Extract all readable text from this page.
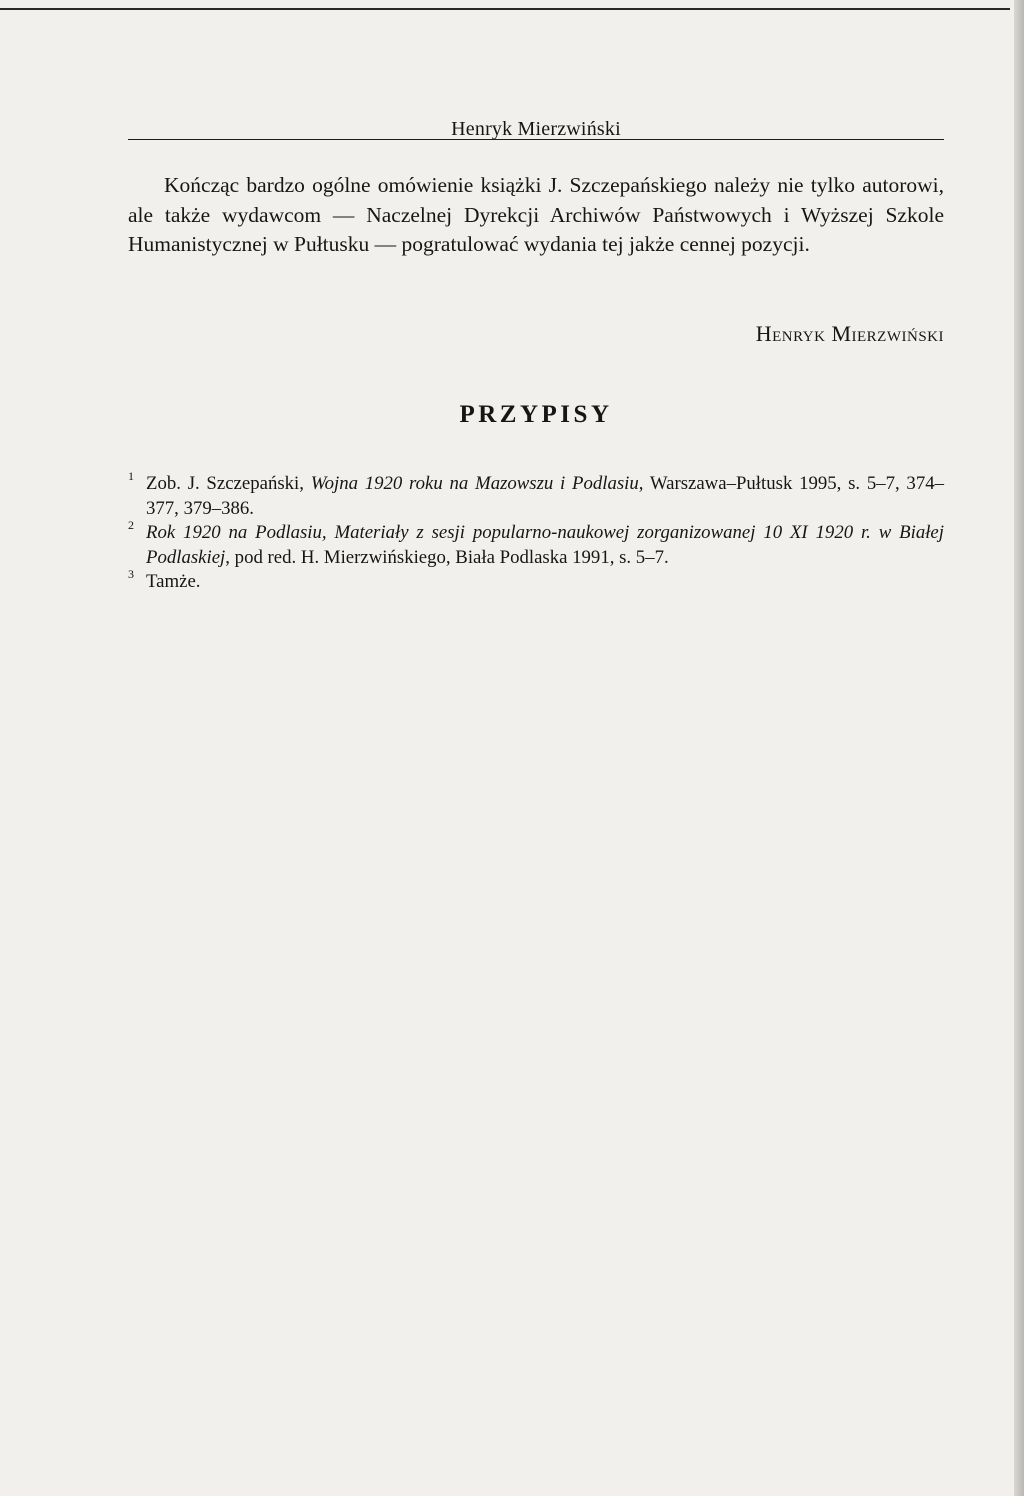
Henryk Mierzwiński

Kończąc bardzo ogólne omówienie książki J. Szczepańskiego należy nie tylko autorowi, ale także wydawcom — Naczelnej Dyrekcji Archiwów Państwowych i Wyższej Szkole Humanistycznej w Pułtusku — pogratulować wydania tej jakże cennej pozycji.

Henryk Mierzwiński
PRZYPISY
1 Zob. J. Szczepański, Wojna 1920 roku na Mazowszu i Podlasiu, Warszawa–Pułtusk 1995, s. 5–7, 374–377, 379–386.
2 Rok 1920 na Podlasiu, Materiały z sesji popularno-naukowej zorganizowanej 10 XI 1920 r. w Białej Podlaskiej, pod red. H. Mierzwińskiego, Biała Podlaska 1991, s. 5–7.
3 Tamże.
